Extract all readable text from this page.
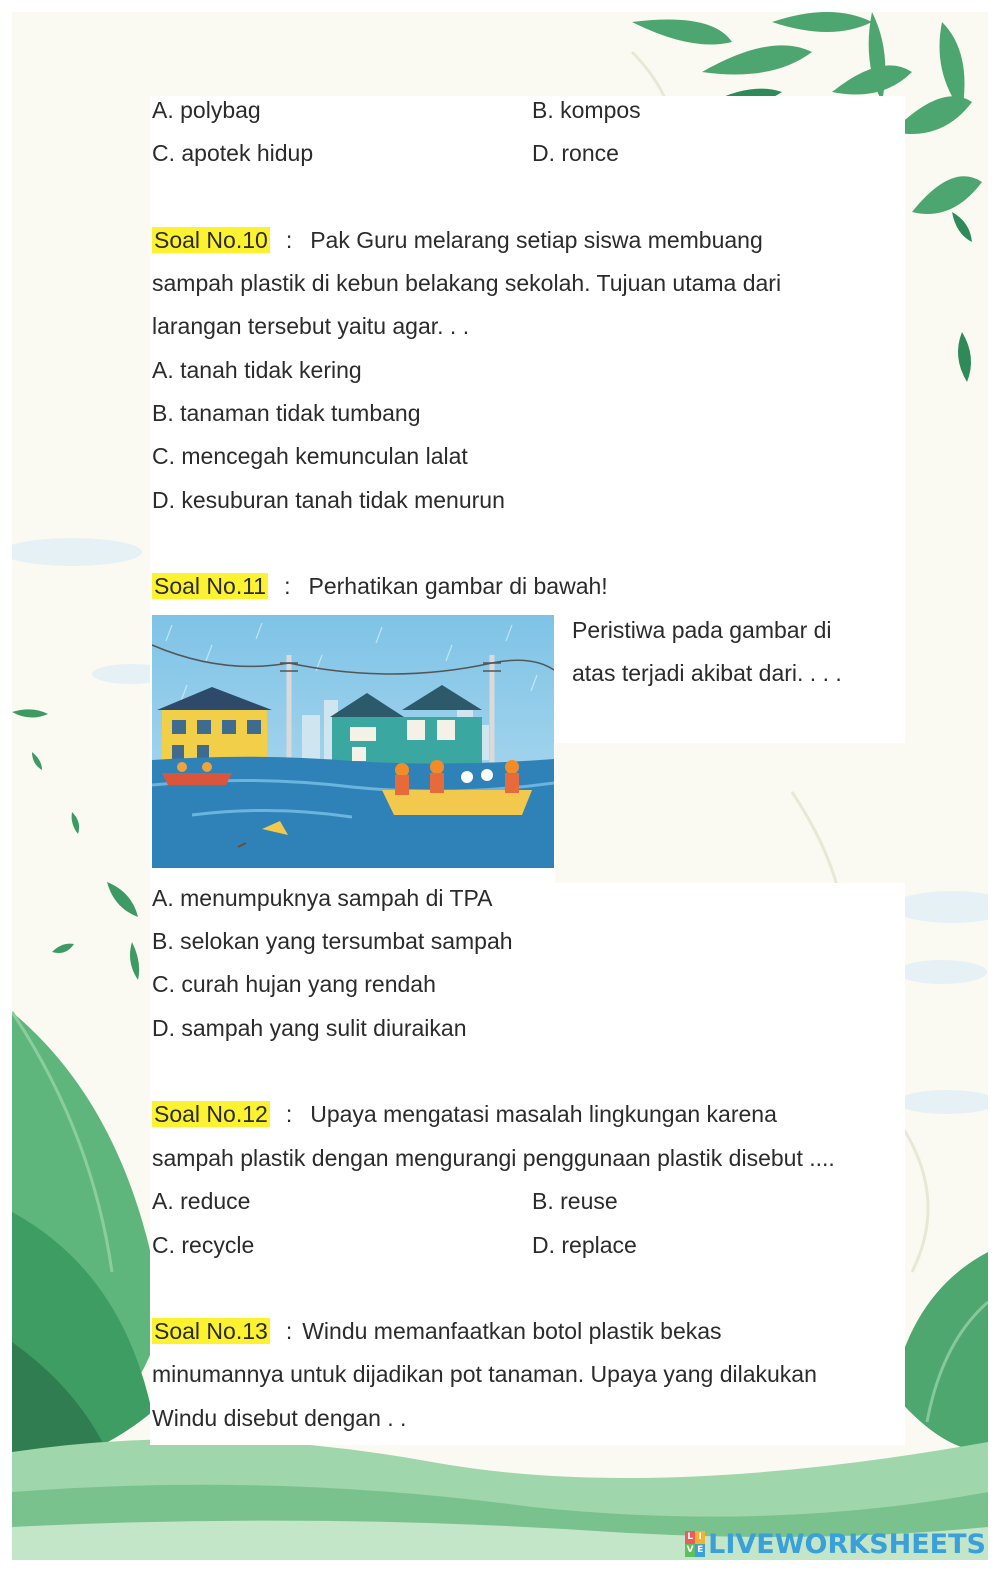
A. polybag	B. kompos
C. apotek hidup	D. ronce
Soal No.10 : Pak Guru melarang setiap siswa membuang
sampah plastik di kebun belakang sekolah. Tujuan utama dari
larangan tersebut yaitu agar. . .
A. tanah tidak kering
B. tanaman tidak tumbang
C. mencegah kemunculan lalat
D. kesuburan tanah tidak menurun
Soal No.11 : Perhatikan gambar di bawah!
Peristiwa pada gambar di
atas terjadi akibat dari. . . .
A. menumpuknya sampah di TPA
B. selokan yang tersumbat sampah
C. curah hujan yang rendah
D. sampah yang sulit diuraikan
Soal No.12 : Upaya mengatasi masalah lingkungan karena
sampah plastik dengan mengurangi penggunaan plastik disebut ....
A. reduce	B. reuse
C. recycle	D. replace
Soal No.13 : Windu memanfaatkan botol plastik bekas
minumannya untuk dijadikan pot tanaman. Upaya yang dilakukan
Windu disebut dengan . .
L I
V E LIVEWORKSHEETS
